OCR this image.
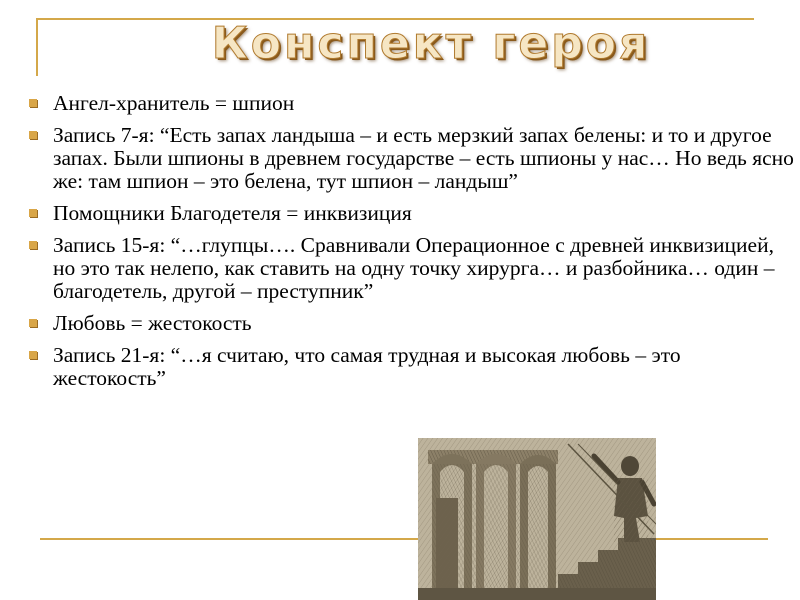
Конспект героя
Ангел-хранитель = шпион
Запись 7-я: “Есть запах ландыша – и есть мерзкий запах белены: и то и другое запах. Были шпионы в древнем государстве – есть шпионы у нас… Но ведь ясно же: там шпион – это белена, тут шпион – ландыш”
Помощники Благодетеля = инквизиция
Запись 15-я: “…глупцы…. Сравнивали Операционное с древней инквизицией, но это так нелепо, как ставить на одну точку хирурга… и разбойника… один – благодетель, другой – преступник”
Любовь = жестокость
Запись 21-я: “…я считаю, что самая трудная и высокая любовь – это жестокость”
